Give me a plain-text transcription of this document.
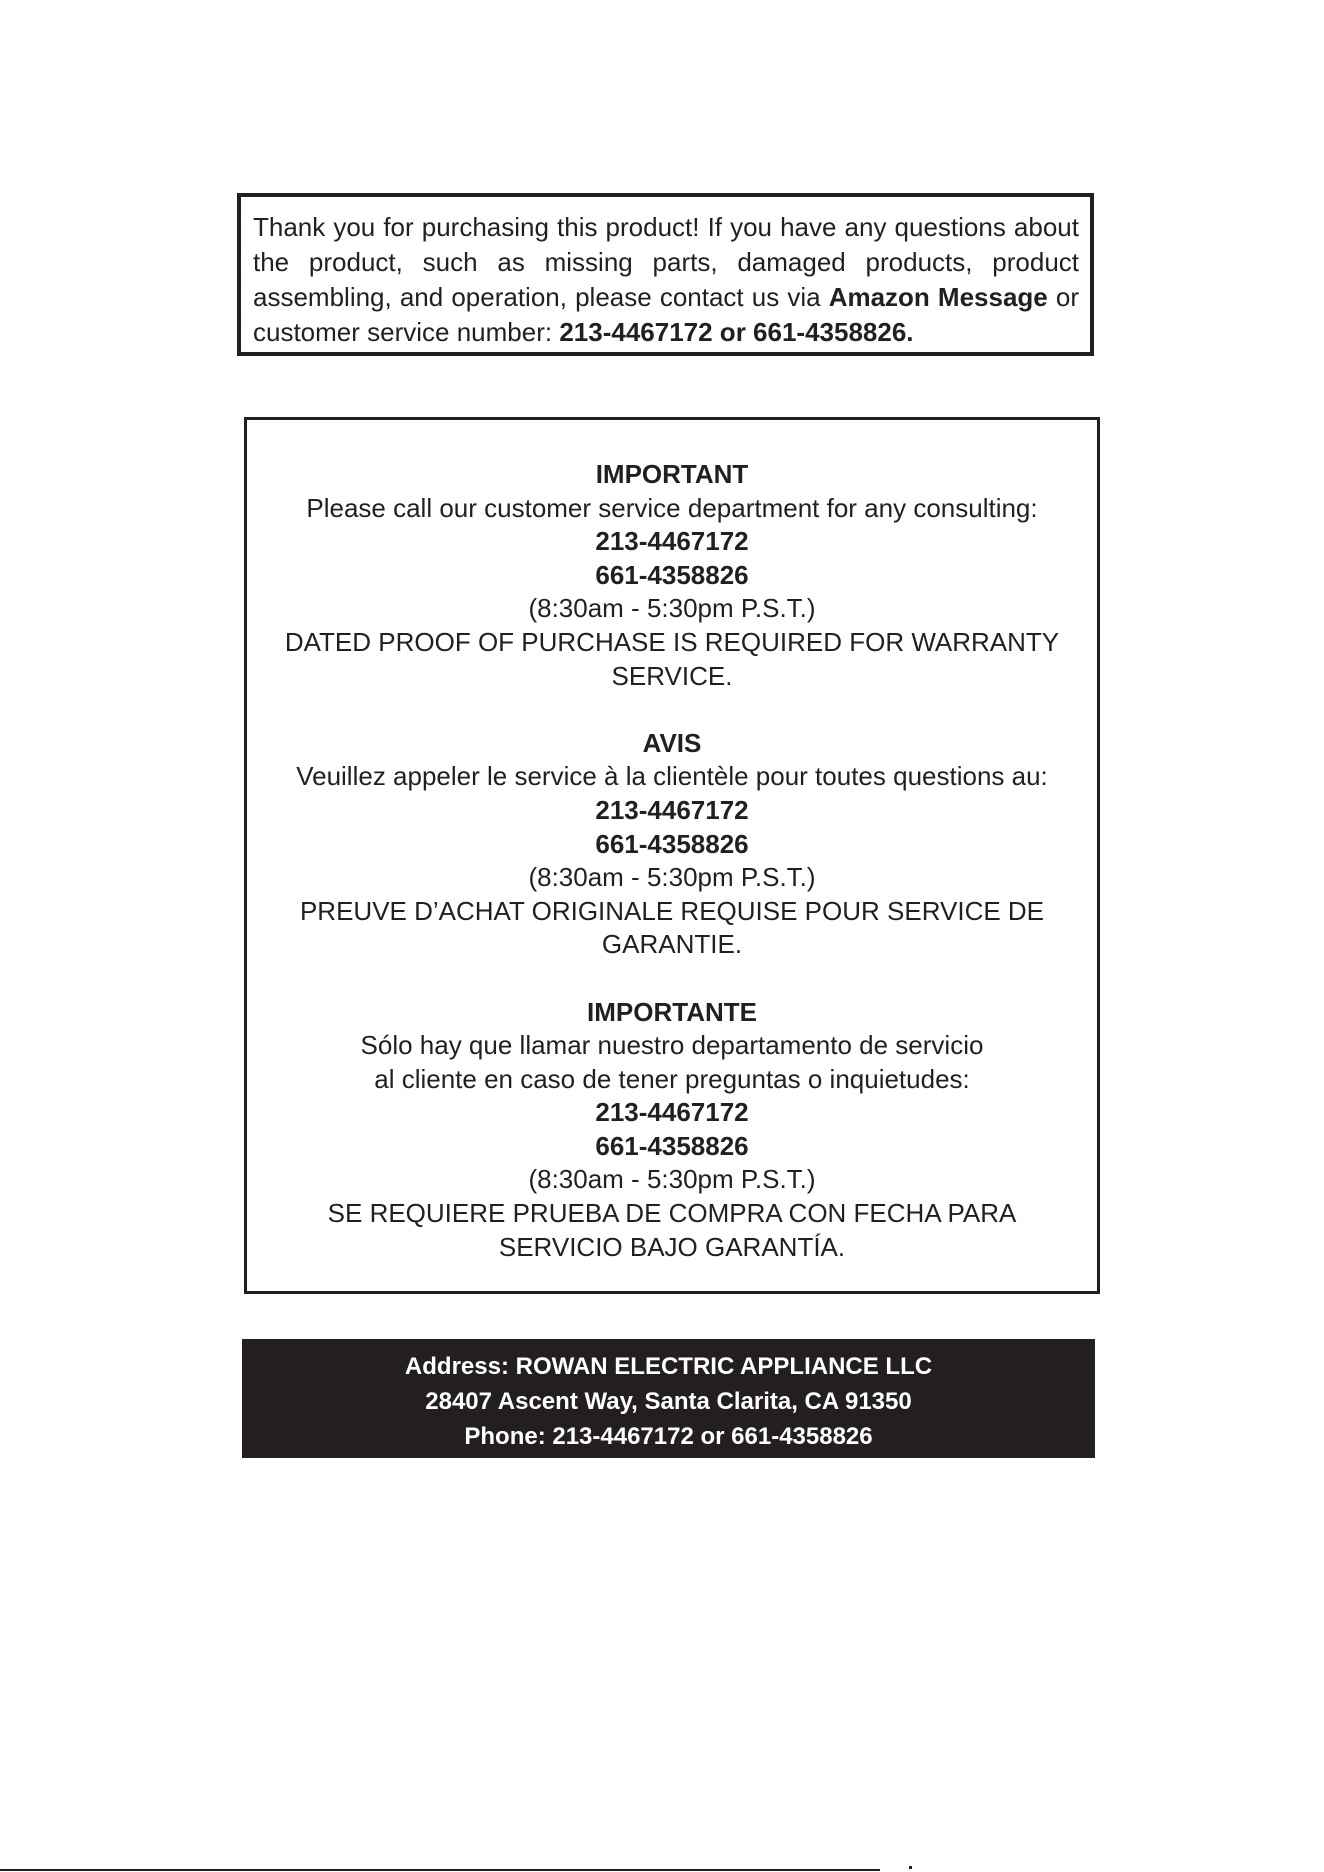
Thank you for purchasing this product! If you have any questions about the product, such as missing parts, damaged products, product assembling, and operation, please contact us via Amazon Message or customer service number: 213-4467172 or 661-4358826.
IMPORTANT
Please call our customer service department for any consulting:
213-4467172
661-4358826
(8:30am - 5:30pm P.S.T.)
DATED PROOF OF PURCHASE IS REQUIRED FOR WARRANTY
SERVICE.
AVIS
Veuillez appeler le service à la clientèle pour toutes questions au:
213-4467172
661-4358826
(8:30am - 5:30pm P.S.T.)
PREUVE D’ACHAT ORIGINALE REQUISE POUR SERVICE DE
GARANTIE.
IMPORTANTE
Sólo hay que llamar nuestro departamento de servicio
al cliente en caso de tener preguntas o inquietudes:
213-4467172
661-4358826
(8:30am - 5:30pm P.S.T.)
SE REQUIERE PRUEBA DE COMPRA CON FECHA PARA
SERVICIO BAJO GARANTÍA.
Address: ROWAN ELECTRIC APPLIANCE LLC
28407 Ascent Way, Santa Clarita, CA 91350
Phone: 213-4467172 or 661-4358826
